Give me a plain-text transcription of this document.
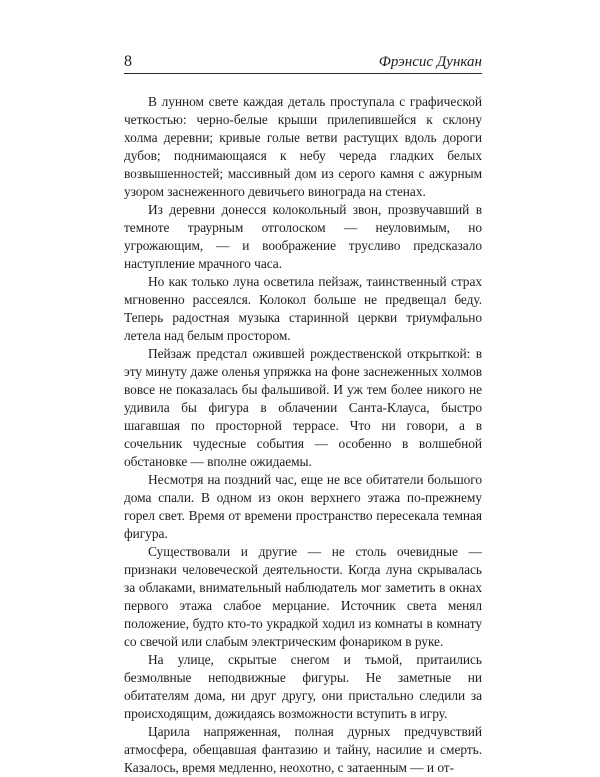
8	Фрэнсис Дункан

В лунном свете каждая деталь проступала с графической четкостью: черно-белые крыши прилепившейся к склону холма деревни; кривые голые ветви растущих вдоль дороги дубов; поднимающаяся к небу череда гладких белых возвышенностей; массивный дом из серого камня с ажурным узором заснеженного девичьего винограда на стенах.

Из деревни донесся колокольный звон, прозвучавший в темноте траурным отголоском — неуловимым, но угрожающим, — и воображение трусливо предсказало наступление мрачного часа.

Но как только луна осветила пейзаж, таинственный страх мгновенно рассеялся. Колокол больше не предвещал беду. Теперь радостная музыка старинной церкви триумфально летела над белым простором.

Пейзаж предстал ожившей рождественской открыткой: в эту минуту даже оленья упряжка на фоне заснеженных холмов вовсе не показалась бы фальшивой. И уж тем более никого не удивила бы фигура в облачении Санта-Клауса, быстро шагавшая по просторной террасе. Что ни говори, а в сочельник чудесные события — особенно в волшебной обстановке — вполне ожидаемы.

Несмотря на поздний час, еще не все обитатели большого дома спали. В одном из окон верхнего этажа по-прежнему горел свет. Время от времени пространство пересекала темная фигура.

Существовали и другие — не столь очевидные — признаки человеческой деятельности. Когда луна скрывалась за облаками, внимательный наблюдатель мог заметить в окнах первого этажа слабое мерцание. Источник света менял положение, будто кто-то украдкой ходил из комнаты в комнату со свечой или слабым электрическим фонариком в руке.

На улице, скрытые снегом и тьмой, притаились безмолвные неподвижные фигуры. Не заметные ни обитателям дома, ни друг другу, они пристально следили за происходящим, дожидаясь возможности вступить в игру.

Царила напряженная, полная дурных предчувствий атмосфера, обещавшая фантазию и тайну, насилие и смерть. Казалось, время медленно, неохотно, с затаенным — и от-
